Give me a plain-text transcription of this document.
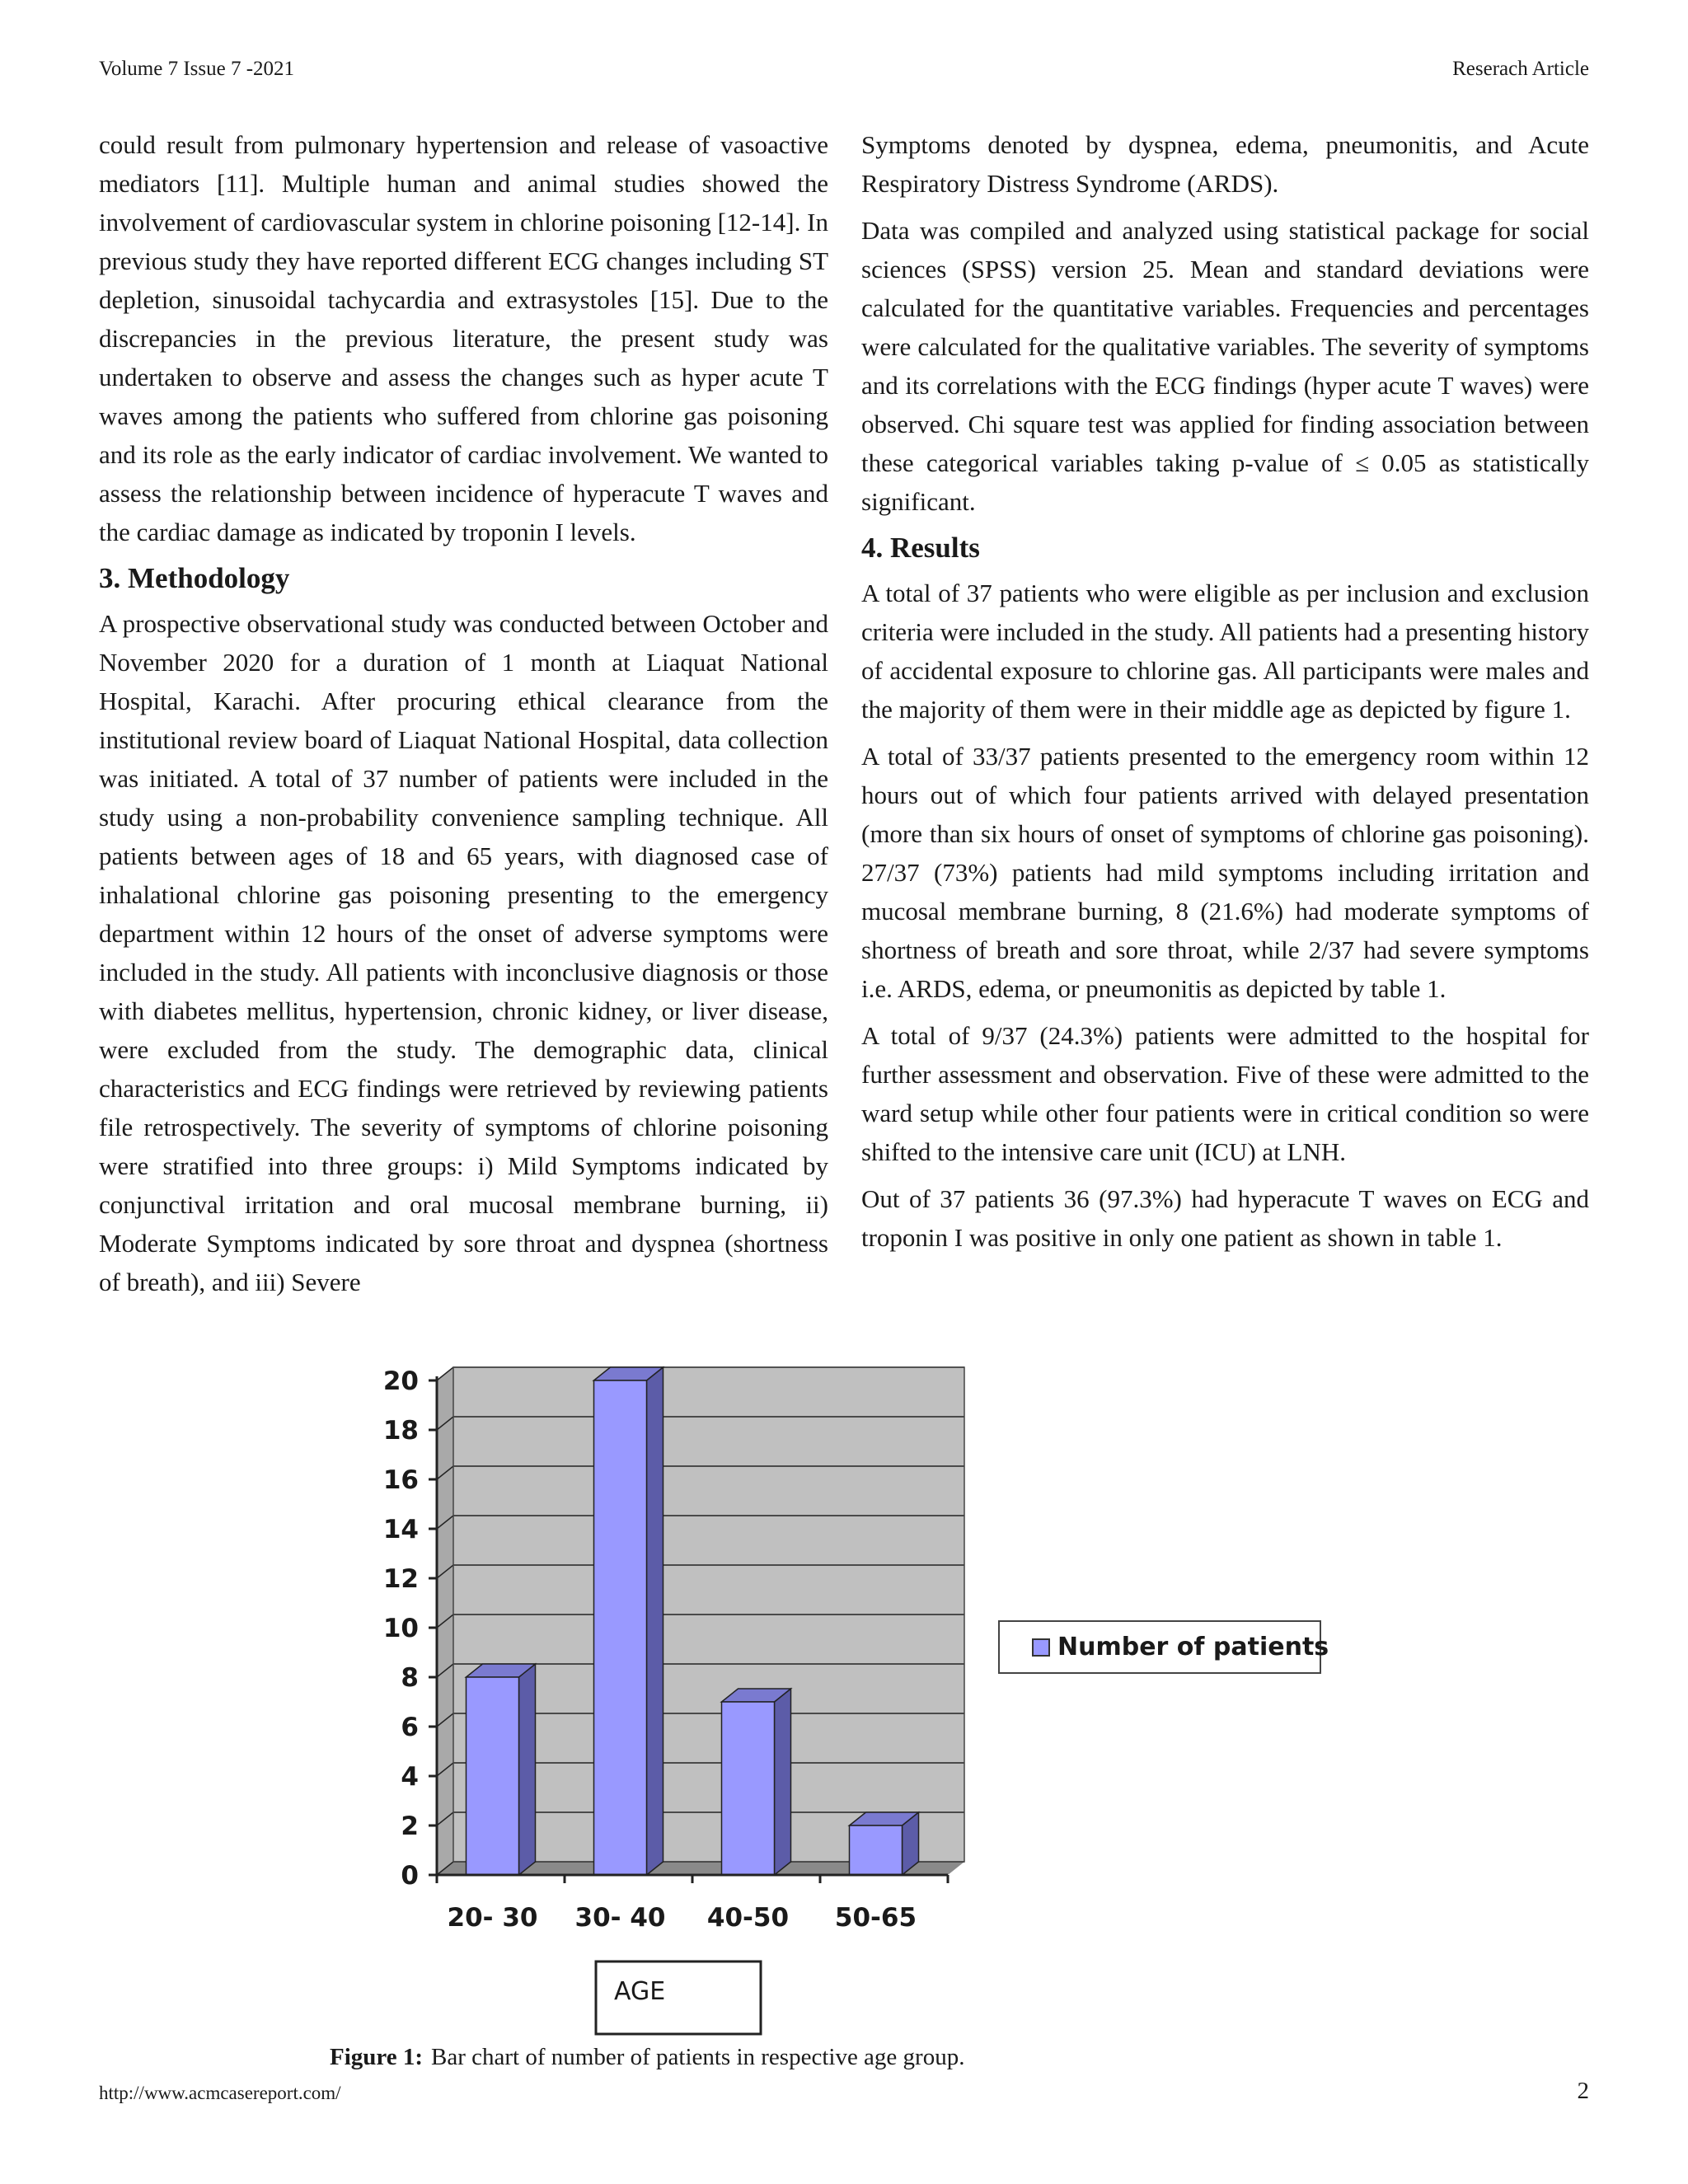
Volume 7 Issue 7 -2021	Reserach Article

could result from pulmonary hypertension and release of vasoactive mediators [11]. Multiple human and animal studies showed the involvement of cardiovascular system in chlorine poisoning [12-14]. In previous study they have reported different ECG changes including ST depletion, sinusoidal tachycardia and extrasystoles [15]. Due to the discrepancies in the previous literature, the present study was undertaken to observe and assess the changes such as hyper acute T waves among the patients who suffered from chlorine gas poisoning and its role as the early indicator of cardiac involvement. We wanted to assess the relationship between incidence of hyperacute T waves and the cardiac damage as indicated by troponin I levels.

3. Methodology

A prospective observational study was conducted between October and November 2020 for a duration of 1 month at Liaquat National Hospital, Karachi. After procuring ethical clearance from the institutional review board of Liaquat National Hospital, data collection was initiated. A total of 37 number of patients were included in the study using a non-probability convenience sampling technique. All patients between ages of 18 and 65 years, with diagnosed case of inhalational chlorine gas poisoning presenting to the emergency department within 12 hours of the onset of adverse symptoms were included in the study. All patients with inconclusive diagnosis or those with diabetes mellitus, hypertension, chronic kidney, or liver disease, were excluded from the study. The demographic data, clinical characteristics and ECG findings were retrieved by reviewing patients file retrospectively. The severity of symptoms of chlorine poisoning were stratified into three groups: i) Mild Symptoms indicated by conjunctival irritation and oral mucosal membrane burning, ii) Moderate Symptoms indicated by sore throat and dyspnea (shortness of breath), and iii) Severe

Symptoms denoted by dyspnea, edema, pneumonitis, and Acute Respiratory Distress Syndrome (ARDS).

Data was compiled and analyzed using statistical package for social sciences (SPSS) version 25. Mean and standard deviations were calculated for the quantitative variables. Frequencies and percentages were calculated for the qualitative variables. The severity of symptoms and its correlations with the ECG findings (hyper acute T waves) were observed. Chi square test was applied for finding association between these categorical variables taking p-value of ≤ 0.05 as statistically significant.

4. Results

A total of 37 patients who were eligible as per inclusion and exclusion criteria were included in the study. All patients had a presenting history of accidental exposure to chlorine gas. All participants were males and the majority of them were in their middle age as depicted by figure 1.

A total of 33/37 patients presented to the emergency room within 12 hours out of which four patients arrived with delayed presentation (more than six hours of onset of symptoms of chlorine gas poisoning). 27/37 (73%) patients had mild symptoms including irritation and mucosal membrane burning, 8 (21.6%) had moderate symptoms of shortness of breath and sore throat, while 2/37 had severe symptoms i.e. ARDS, edema, or pneumonitis as depicted by table 1.

A total of 9/37 (24.3%) patients were admitted to the hospital for further assessment and observation. Five of these were admitted to the ward setup while other four patients were in critical condition so were shifted to the intensive care unit (ICU) at LNH.

Out of 37 patients 36 (97.3%) had hyperacute T waves on ECG and troponin I was positive in only one patient as shown in table 1.

0
2
4
6
8
10
12
14
16
18
20
20- 30 30- 40 40-50 50-65
Number of patients
AGE
Figure 1: Bar chart of number of patients in respective age group.
http://www.acmcasereport.com/	2
